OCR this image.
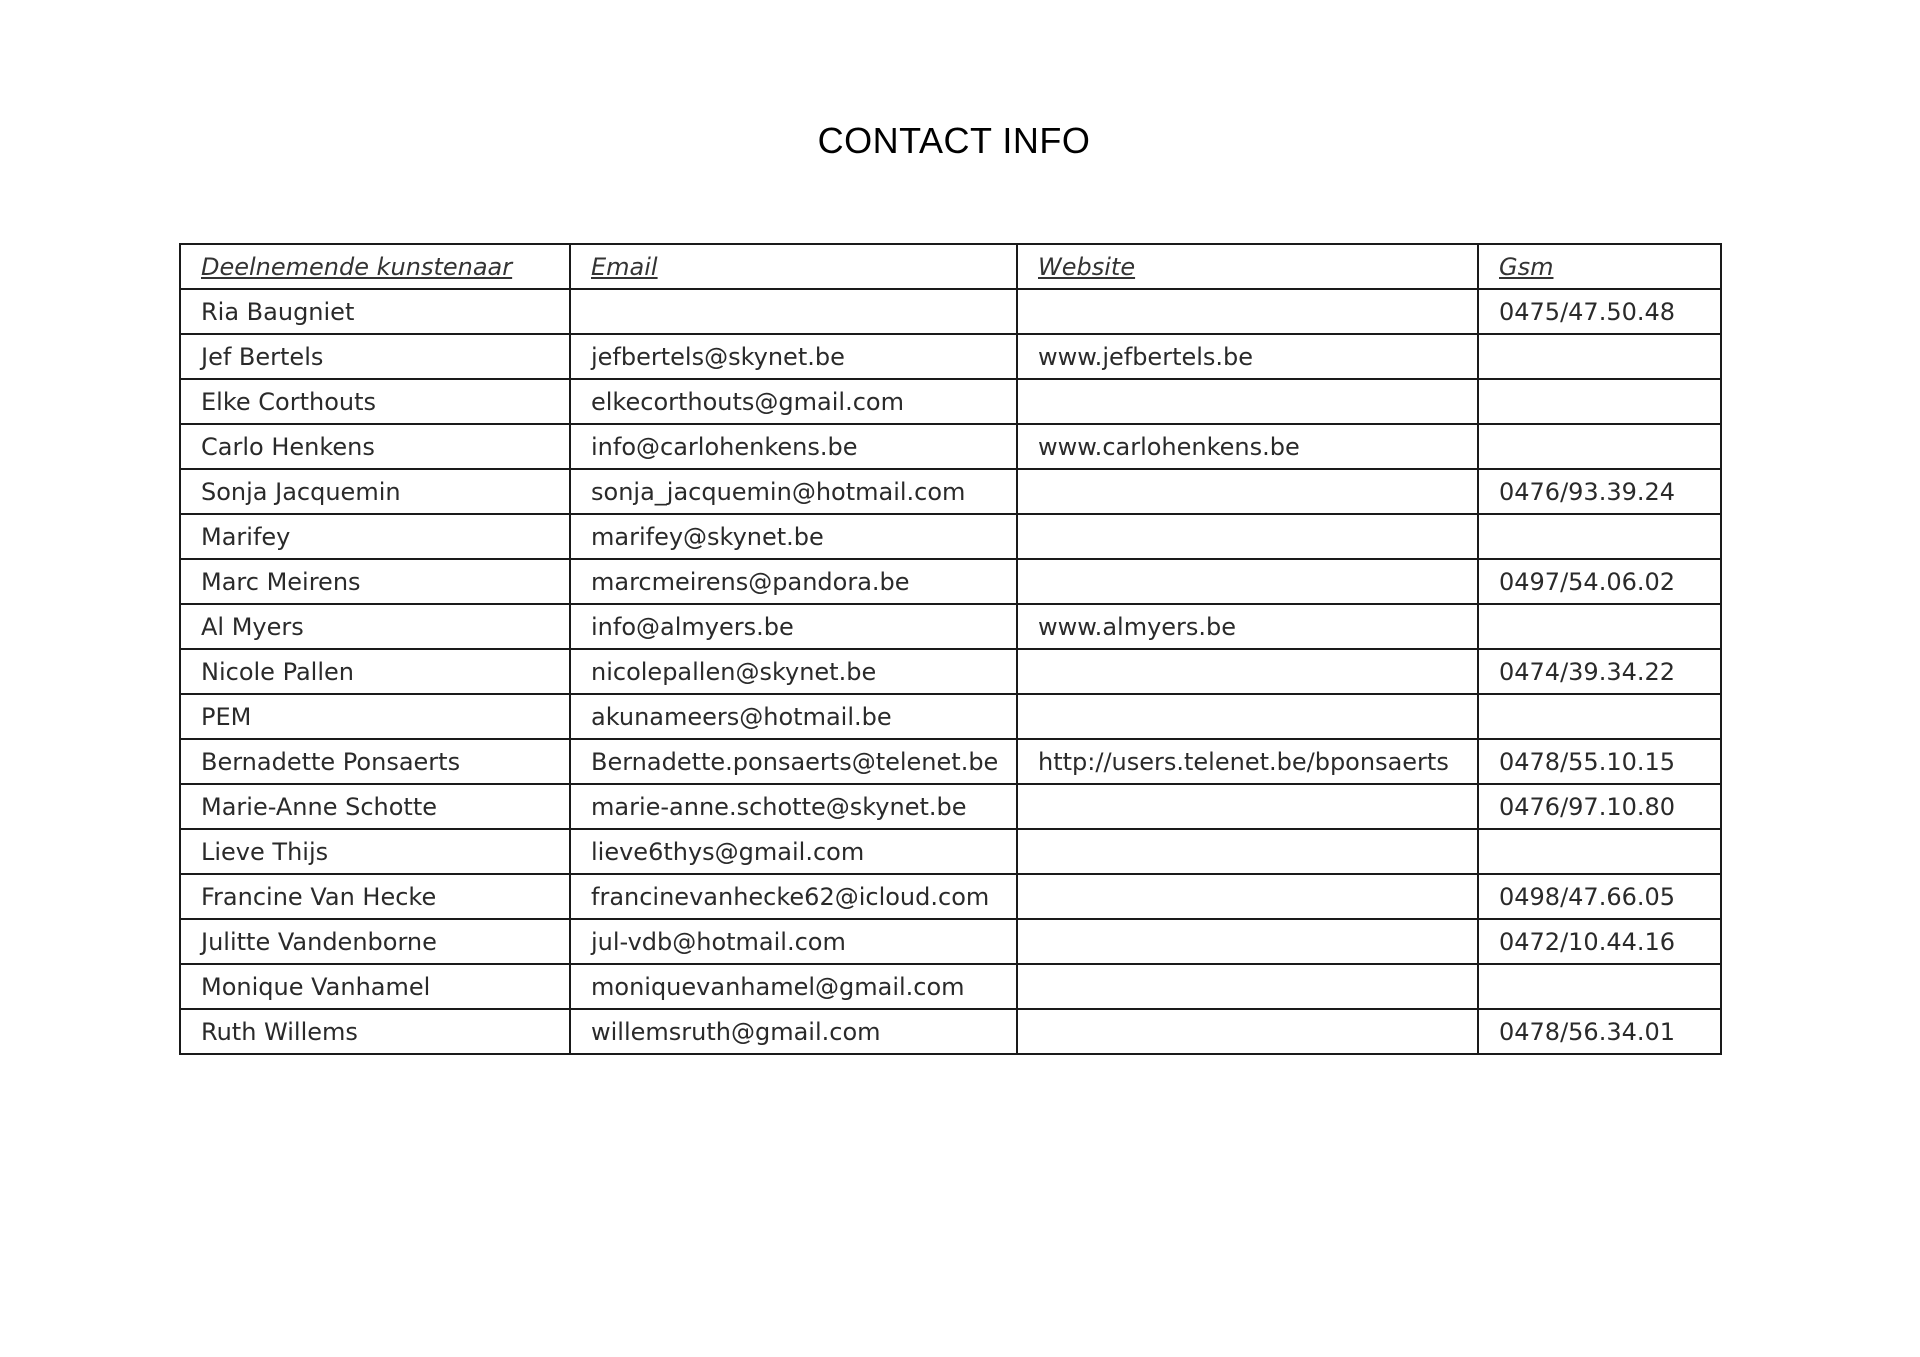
CONTACT INFO
Deelnemende kunstenaar	Email	Website	Gsm
Ria Baugniet			0475/47.50.48
Jef Bertels	jefbertels@skynet.be	www.jefbertels.be	
Elke Corthouts	elkecorthouts@gmail.com		
Carlo Henkens	info@carlohenkens.be	www.carlohenkens.be	
Sonja Jacquemin	sonja_jacquemin@hotmail.com		0476/93.39.24
Marifey	marifey@skynet.be		
Marc Meirens	marcmeirens@pandora.be		0497/54.06.02
Al Myers	info@almyers.be	www.almyers.be	
Nicole Pallen	nicolepallen@skynet.be		0474/39.34.22
PEM	akunameers@hotmail.be		
Bernadette Ponsaerts	Bernadette.ponsaerts@telenet.be	http://users.telenet.be/bponsaerts	0478/55.10.15
Marie-Anne Schotte	marie-anne.schotte@skynet.be		0476/97.10.80
Lieve Thijs	lieve6thys@gmail.com		
Francine Van Hecke	francinevanhecke62@icloud.com		0498/47.66.05
Julitte Vandenborne	jul-vdb@hotmail.com		0472/10.44.16
Monique Vanhamel	moniquevanhamel@gmail.com		
Ruth Willems	willemsruth@gmail.com		0478/56.34.01
